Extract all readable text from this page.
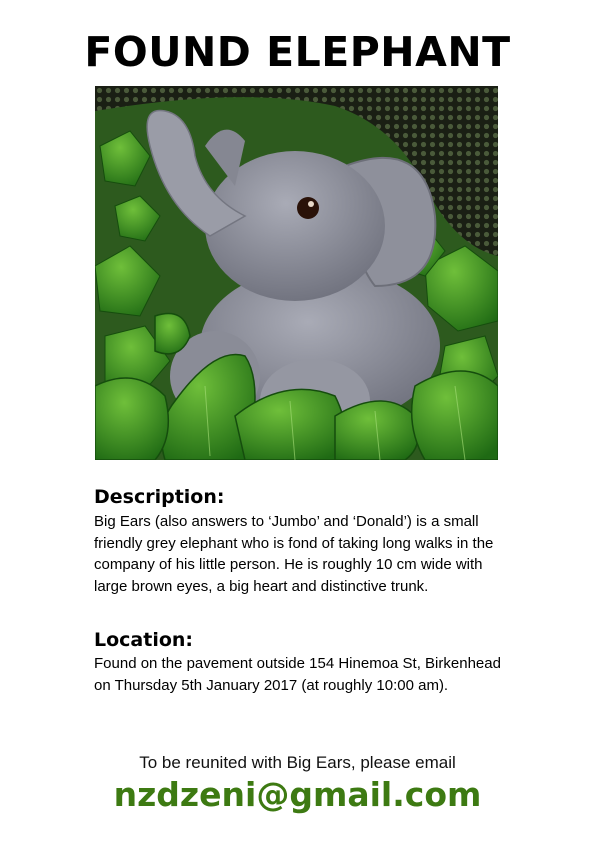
FOUND ELEPHANT
Description:
Big Ears (also answers to ‘Jumbo’ and ‘Donald’) is a small friendly grey elephant who is fond of taking long walks in the company of his little person. He is roughly 10 cm wide with large brown eyes, a big heart and distinctive trunk.
Location:
Found on the pavement outside 154 Hinemoa St, Birkenhead on Thursday 5th January 2017 (at roughly 10:00 am).
To be reunited with Big Ears, please email
nzdzeni@gmail.com
